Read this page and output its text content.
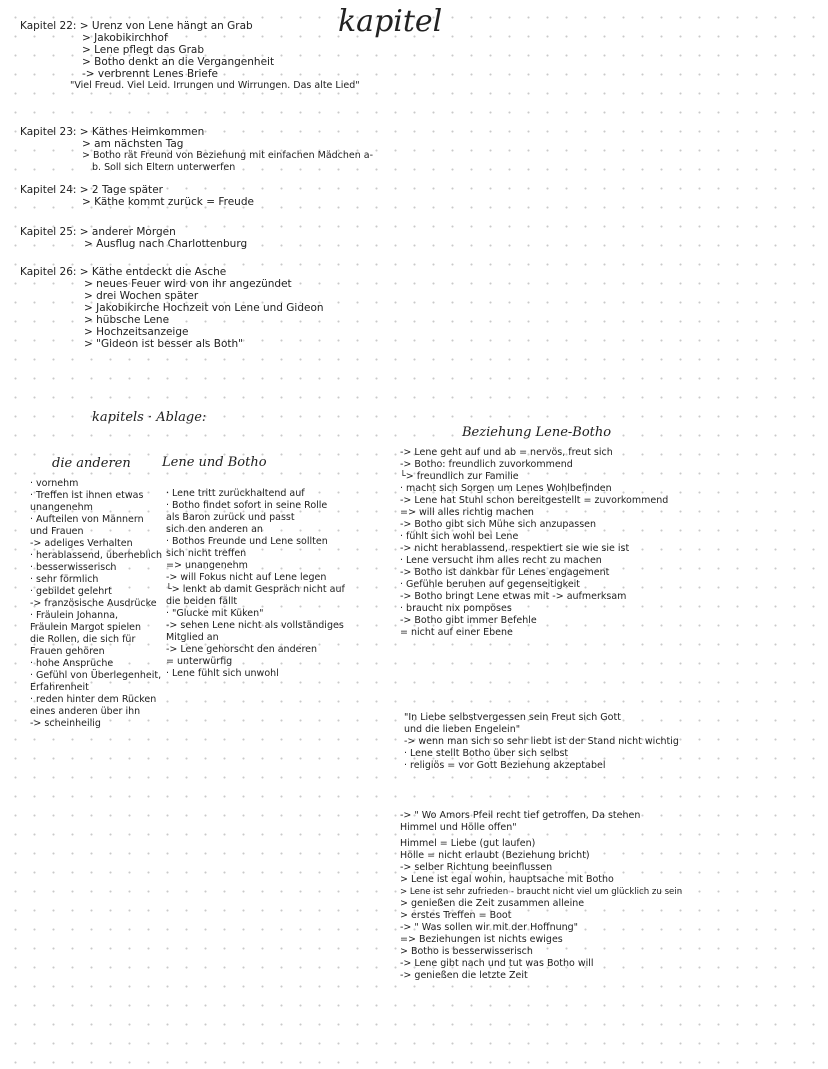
kapitel
Kapitel 22: > Urenz von Lene hängt an Grab
> Jakobikirchhof
> Lene pflegt das Grab
> Botho denkt an die Vergangenheit
-> verbrennt Lenes Briefe
"Viel Freud. Viel Leid. Irrungen und Wirrungen. Das alte Lied"
Kapitel 23: > Käthes Heimkommen
> am nächsten Tag
> Botho rät Freund von Beziehung mit einfachen Mädchen a-
b. Soll sich Eltern unterwerfen
Kapitel 24: > 2 Tage später
> Käthe kommt zurück = Freude
Kapitel 25: > anderer Morgen
> Ausflug nach Charlottenburg
Kapitel 26: > Käthe entdeckt die Asche
> neues Feuer wird von ihr angezündet
> drei Wochen später
> Jakobikirche Hochzeit von Lene und Gideon
> hübsche Lene
> Hochzeitsanzeige
> "Gideon ist besser als Both"
kapitels · Ablage:
die anderen Lene und Botho
Beziehung Lene-Botho
· vornehm
· Treffen ist ihnen etwas
unangenehm
· Aufteilen von Männern
und Frauen
-> adeliges Verhalten
· herablassend, überheblich
· besserwisserisch
· sehr förmlich
· gebildet gelehrt
-> französische Ausdrücke
· Fräulein Johanna,
Fräulein Margot spielen
die Rollen, die sich für
Frauen gehören
· hohe Ansprüche
· Gefühl von Überlegenheit,
Erfahrenheit
· reden hinter dem Rücken
eines anderen über ihn
-> scheinheilig
· Lene tritt zurückhaltend auf
· Botho findet sofort in seine Rolle
als Baron zurück und passt
sich den anderen an
· Bothos Freunde und Lene sollten
sich nicht treffen
=> unangenehm
-> will Fokus nicht auf Lene legen
└> lenkt ab damit Gespräch nicht auf
die beiden fällt
· "Glucke mit Küken"
-> sehen Lene nicht als vollständiges
Mitglied an
-> Lene gehorscht den anderen
= unterwürfig
· Lene fühlt sich unwohl
-> Lene geht auf und ab = nervös, freut sich
-> Botho: freundlich zuvorkommend
└> freundlich zur Familie
· macht sich Sorgen um Lenes Wohlbefinden
-> Lene hat Stuhl schon bereitgestellt = zuvorkommend
=> will alles richtig machen
-> Botho gibt sich Mühe sich anzupassen
· fühlt sich wohl bei Lene
-> nicht herablassend, respektiert sie wie sie ist
· Lene versucht ihm alles recht zu machen
-> Botho ist dankbar für Lenes engagement
· Gefühle beruhen auf gegenseitigkeit
-> Botho bringt Lene etwas mit -> aufmerksam
· braucht nix pompöses
-> Botho gibt immer Befehle
= nicht auf einer Ebene
"In Liebe selbstvergessen sein Freut sich Gott
und die lieben Engelein"
-> wenn man sich so sehr liebt ist der Stand nicht wichtig
· Lene stellt Botho über sich selbst
· religiös = vor Gott Beziehung akzeptabel
-> " Wo Amors Pfeil recht tief getroffen, Da stehen
Himmel und Hölle offen"
Himmel = Liebe (gut laufen)
Hölle = nicht erlaubt (Beziehung bricht)
-> selber Richtung beeinflussen
> Lene ist egal wohin, hauptsache mit Botho
> Lene ist sehr zufrieden - braucht nicht viel um glücklich zu sein
> genießen die Zeit zusammen alleine
> erstes Treffen = Boot
-> " Was sollen wir mit der Hoffnung"
=> Beziehungen ist nichts ewiges
> Botho is besserwisserisch
-> Lene gibt nach und tut was Botho will
-> genießen die letzte Zeit
